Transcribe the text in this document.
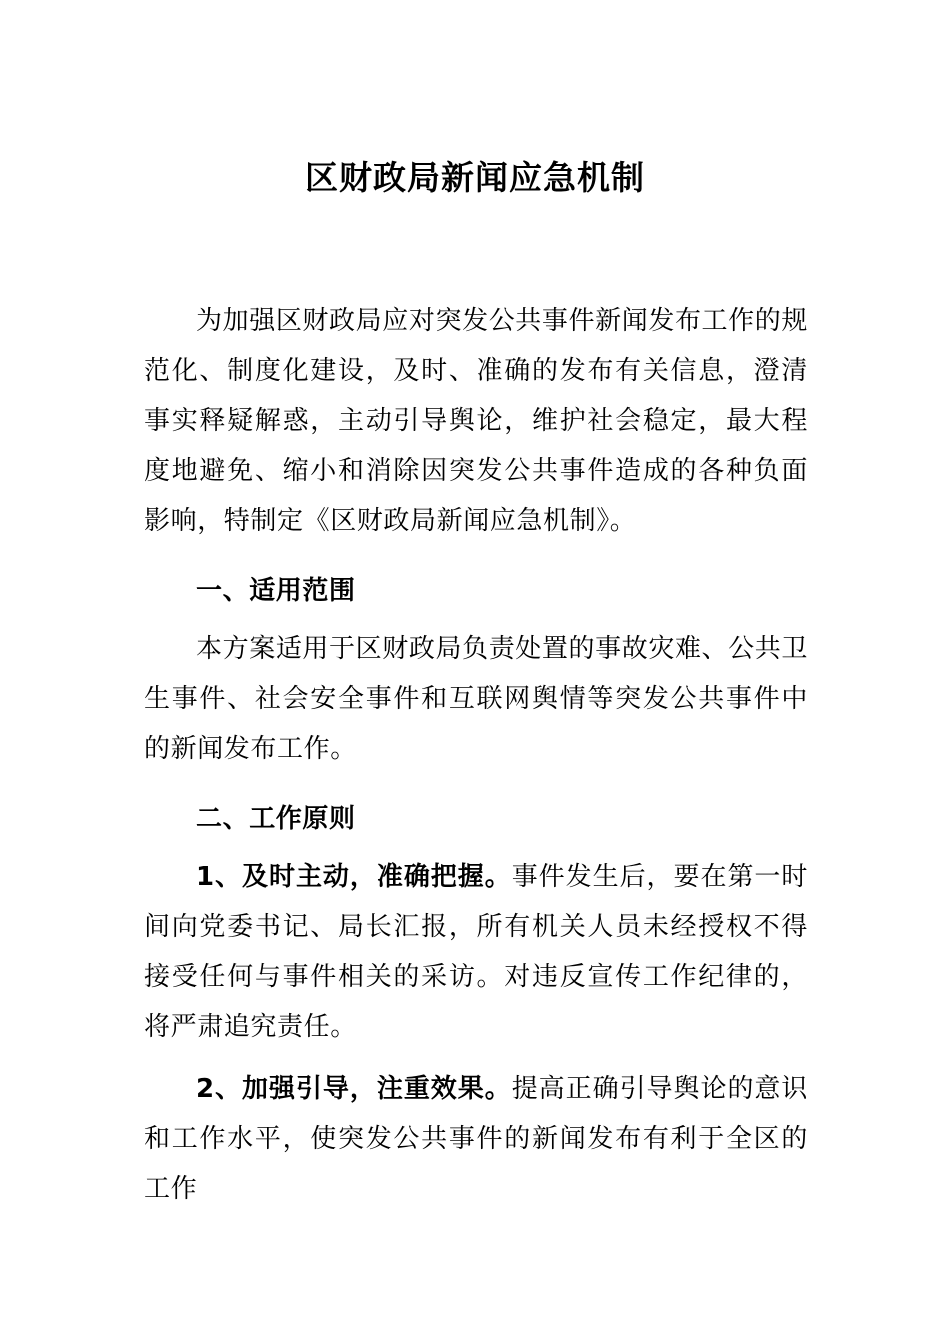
区财政局新闻应急机制

为加强区财政局应对突发公共事件新闻发布工作的规范化、制度化建设，及时、准确的发布有关信息，澄清事实释疑解惑，主动引导舆论，维护社会稳定，最大程度地避免、缩小和消除因突发公共事件造成的各种负面影响，特制定《区财政局新闻应急机制》。

一、适用范围

本方案适用于区财政局负责处置的事故灾难、公共卫生事件、社会安全事件和互联网舆情等突发公共事件中的新闻发布工作。

二、工作原则

1、及时主动，准确把握。事件发生后，要在第一时间向党委书记、局长汇报，所有机关人员未经授权不得接受任何与事件相关的采访。对违反宣传工作纪律的，将严肃追究责任。

2、加强引导，注重效果。提高正确引导舆论的意识和工作水平，使突发公共事件的新闻发布有利于全区的工作
